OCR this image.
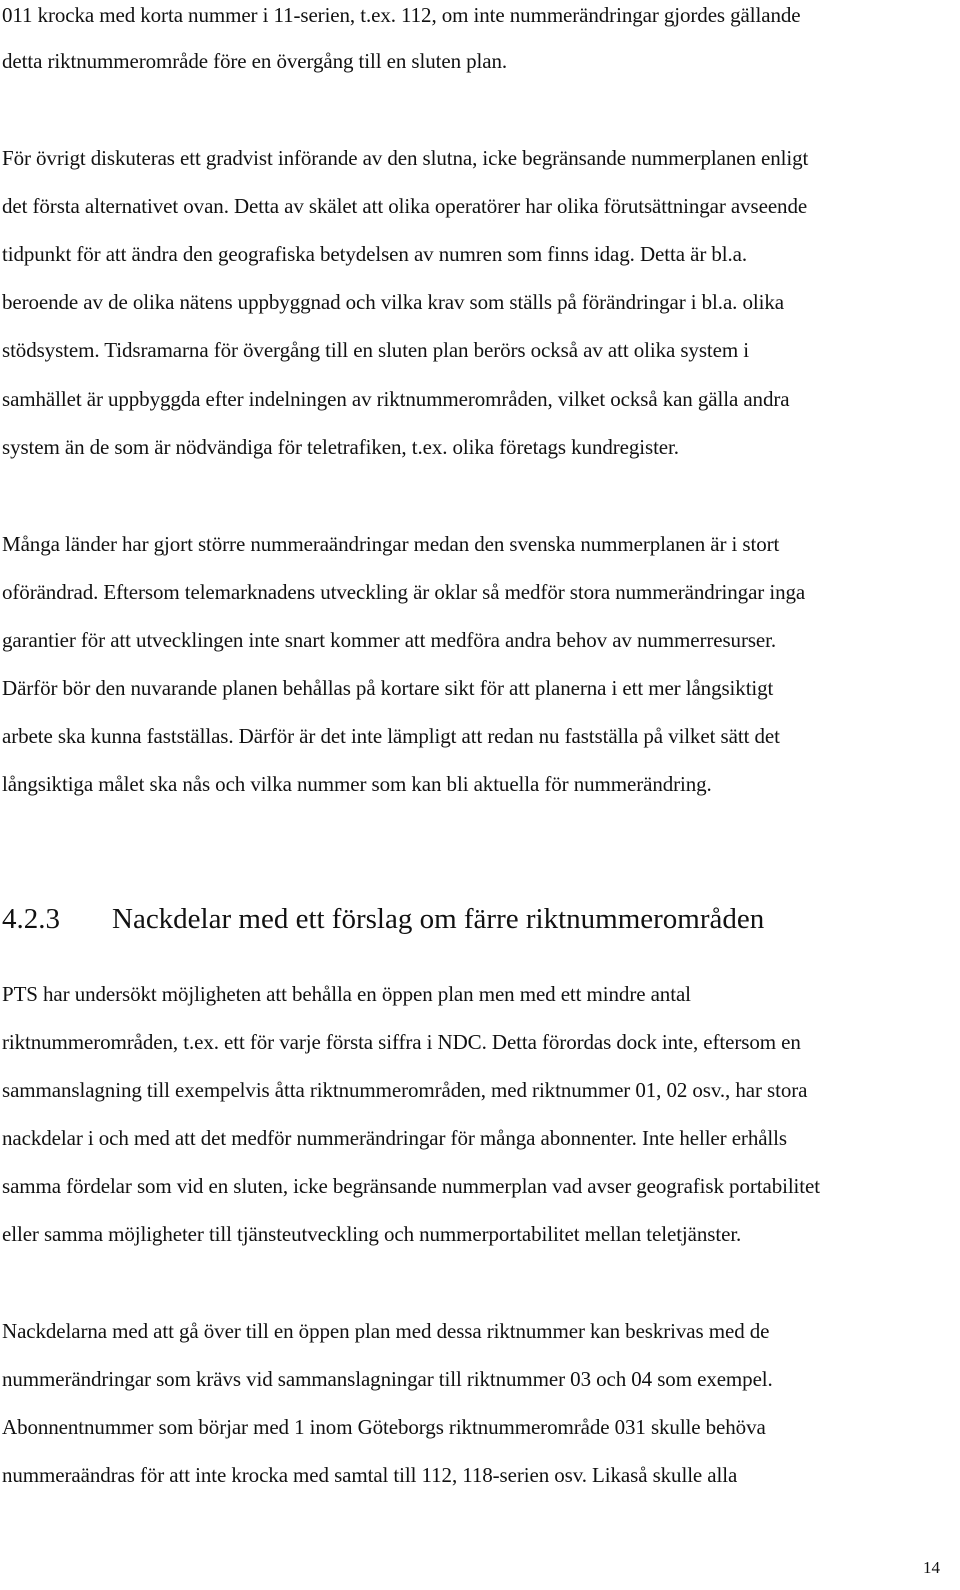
011 krocka med korta nummer i 11-serien, t.ex. 112, om inte nummerändringar gjordes gällande

detta riktnummerområde före en övergång till en sluten plan.

För övrigt diskuteras ett gradvist införande av den slutna, icke begränsande nummerplanen enligt

det första alternativet ovan. Detta av skälet att olika operatörer har olika förutsättningar avseende

tidpunkt för att ändra den geografiska betydelsen av numren som finns idag. Detta är bl.a.

beroende av de olika nätens uppbyggnad och vilka krav som ställs på förändringar i bl.a. olika

stödsystem. Tidsramarna för övergång till en sluten plan berörs också av att olika system i

samhället är uppbyggda efter indelningen av riktnummerområden, vilket också kan gälla andra

system än de som är nödvändiga för teletrafiken, t.ex. olika företags kundregister.

Många länder har gjort större nummeraändringar medan den svenska nummerplanen är i stort

oförändrad. Eftersom telemarknadens utveckling är oklar så medför stora nummerändringar inga

garantier för att utvecklingen inte snart kommer att medföra andra behov av nummerresurser.

Därför bör den nuvarande planen behållas på kortare sikt för att planerna i ett mer långsiktigt

arbete ska kunna fastställas. Därför är det inte lämpligt att redan nu fastställa på vilket sätt det

långsiktiga målet ska nås och vilka nummer som kan bli aktuella för nummerändring.

4.2.3 Nackdelar med ett förslag om färre riktnummerområden

PTS har undersökt möjligheten att behålla en öppen plan men med ett mindre antal

riktnummerområden, t.ex. ett för varje första siffra i NDC. Detta förordas dock inte, eftersom en

sammanslagning till exempelvis åtta riktnummerområden, med riktnummer 01, 02 osv., har stora

nackdelar i och med att det medför nummerändringar för många abonnenter. Inte heller erhålls

samma fördelar som vid en sluten, icke begränsande nummerplan vad avser geografisk portabilitet

eller samma möjligheter till tjänsteutveckling och nummerportabilitet mellan teletjänster.

Nackdelarna med att gå över till en öppen plan med dessa riktnummer kan beskrivas med de

nummerändringar som krävs vid sammanslagningar till riktnummer 03 och 04 som exempel.

Abonnentnummer som börjar med 1 inom Göteborgs riktnummerområde 031 skulle behöva

nummeraändras för att inte krocka med samtal till 112, 118-serien osv. Likaså skulle alla

14
